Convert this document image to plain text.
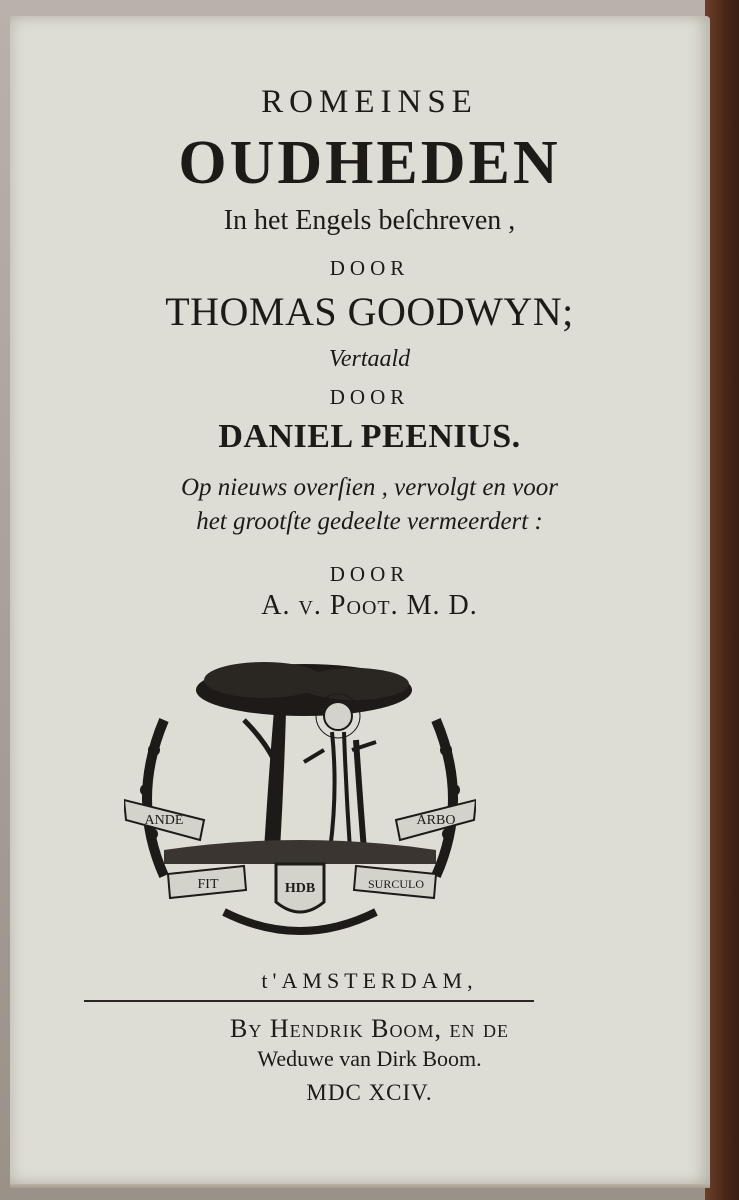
ROMEINSE
OUDHEDEN
In het Engels beſchreven ,
DOOR
THOMAS GOODWYN;
Vertaald
DOOR
DANIEL PEENIUS.
Op nieuws overſien , vervolgt en voor
het grootſte gedeelte vermeerdert :
DOOR
A. v. Poot. M. D.
ANDE	ARBO
FIT	SURCULO
HDB
t'AMSTERDAM,
By Hendrik Boom, en de
Weduwe van Dirk Boom.
MDC XCIV.
